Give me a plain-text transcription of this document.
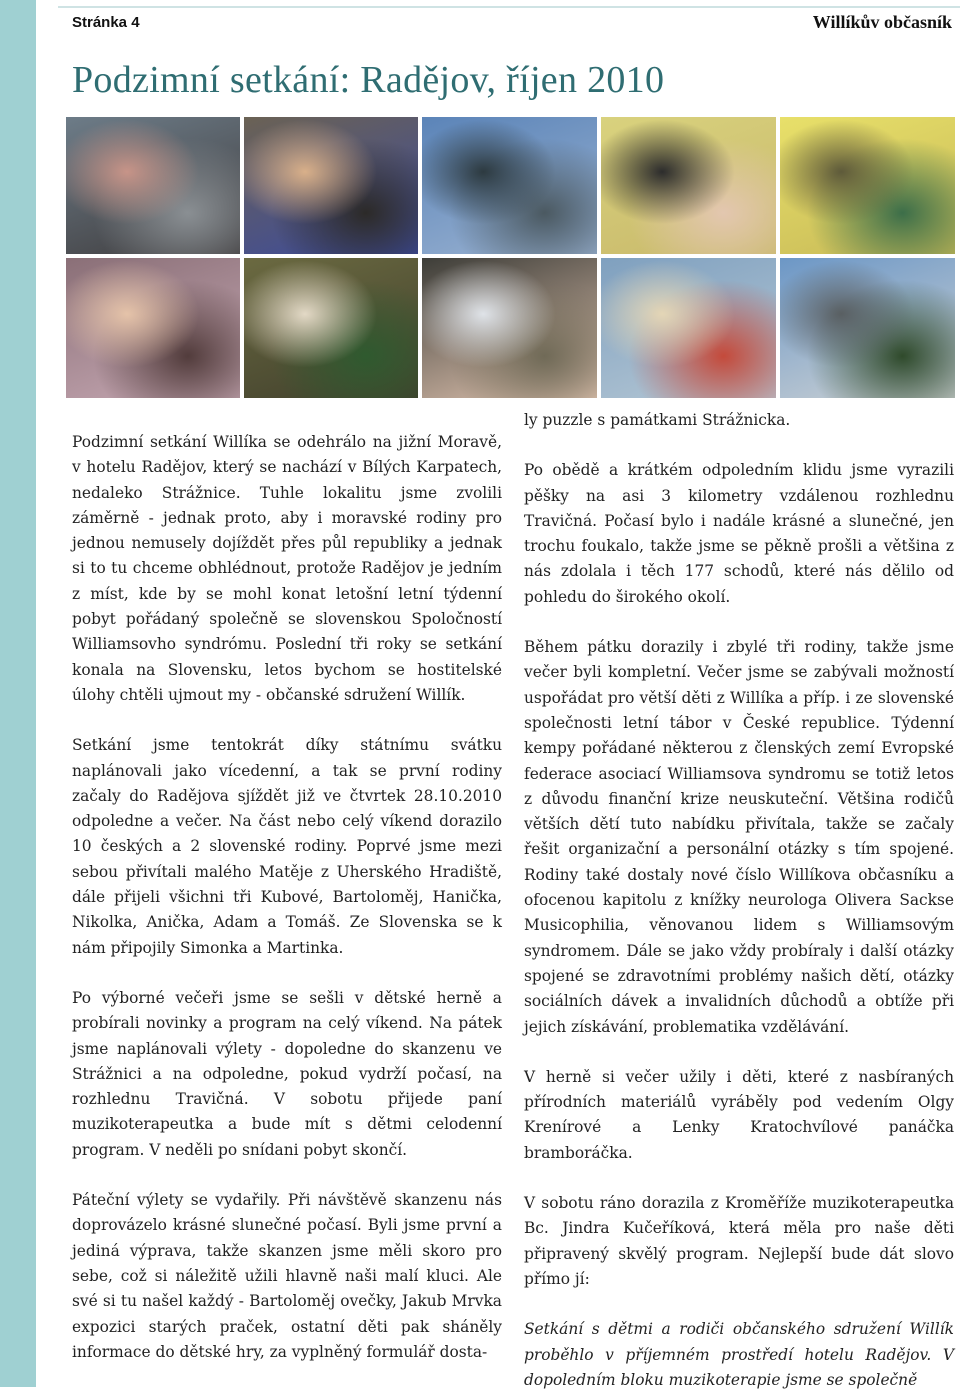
Stránka 4	Willíkův občasník
Podzimní setkání: Radějov, říjen 2010

Podzimní setkání Willíka se odehrálo na jižní Moravě, v hotelu Radějov, který se nachází v Bílých Karpatech, nedaleko Strážnice. Tuhle lokalitu jsme zvolili záměrně - jednak proto, aby i moravské rodiny pro jednou nemusely dojíždět přes půl republiky a jednak si to tu chceme obhlédnout, protože Radějov je jedním z míst, kde by se mohl konat letošní letní týdenní pobyt pořádaný společně se slovenskou Spoločností Williamsovho syndrómu. Poslední tři roky se setkání konala na Slovensku, letos bychom se hostitelské úlohy chtěli ujmout my - občanské sdružení Willík.

Setkání jsme tentokrát díky státnímu svátku naplánovali jako vícedenní, a tak se první rodiny začaly do Radějova sjíždět již ve čtvrtek 28.10.2010 odpoledne a večer. Na část nebo celý víkend dorazilo 10 českých a 2 slovenské rodiny. Poprvé jsme mezi sebou přivítali malého Matěje z Uherského Hradiště, dále přijeli všichni tři Kubové, Bartoloměj, Hanička, Nikolka, Anička, Adam a Tomáš. Ze Slovenska se k nám připojily Simonka a Martinka.

Po výborné večeři jsme se sešli v dětské herně a probírali novinky a program na celý víkend. Na pátek jsme naplánovali výlety - dopoledne do skanzenu ve Strážnici a na odpoledne, pokud vydrží počasí, na rozhlednu Travičná. V sobotu přijede paní muzikoterapeutka a bude mít s dětmi celodenní program. V neděli po snídani pobyt skončí.

Páteční výlety se vydařily. Při návštěvě skanzenu nás doprovázelo krásné slunečné počasí. Byli jsme první a jediná výprava, takže skanzen jsme měli skoro pro sebe, což si náležitě užili hlavně naši malí kluci. Ale své si tu našel každý - Bartoloměj ovečky, Jakub Mrvka expozici starých praček, ostatní děti pak sháněly informace do dětské hry, za vyplněný formulář dosta-

ly puzzle s památkami Strážnicka.

Po obědě a krátkém odpoledním klidu jsme vyrazili pěšky na asi 3 kilometry vzdálenou rozhlednu Travičná. Počasí bylo i nadále krásné a slunečné, jen trochu foukalo, takže jsme se pěkně prošli a většina z nás zdolala i těch 177 schodů, které nás dělilo od pohledu do širokého okolí.

Během pátku dorazily i zbylé tři rodiny, takže jsme večer byli kompletní. Večer jsme se zabývali možností uspořádat pro větší děti z Willíka a příp. i ze slovenské společnosti letní tábor v České republice. Týdenní kempy pořádané některou z členských zemí Evropské federace asociací Williamsova syndromu se totiž letos z důvodu finanční krize neuskuteční. Většina rodičů větších dětí tuto nabídku přivítala, takže se začaly řešit organizační a personální otázky s tím spojené. Rodiny také dostaly nové číslo Willíkova občasníku a ofocenou kapitolu z knížky neurologa Olivera Sackse Musicophilia, věnovanou lidem s Williamsovým syndromem. Dále se jako vždy probíraly i další otázky spojené se zdravotními problémy našich dětí, otázky sociálních dávek a invalidních důchodů a obtíže při jejich získávání, problematika vzdělávání.

V herně si večer užily i děti, které z nasbíraných přírodních materiálů vyráběly pod vedením Olgy Krenírové a Lenky Kratochvílové panáčka bramboráčka.

V sobotu ráno dorazila z Kroměříže muzikoterapeutka Bc. Jindra Kučeříková, která měla pro naše děti připravený skvělý program. Nejlepší bude dát slovo přímo jí:

Setkání s dětmi a rodiči občanského sdružení Willík proběhlo v příjemném prostředí hotelu Radějov. V dopoledním bloku muzikoterapie jsme se společně
